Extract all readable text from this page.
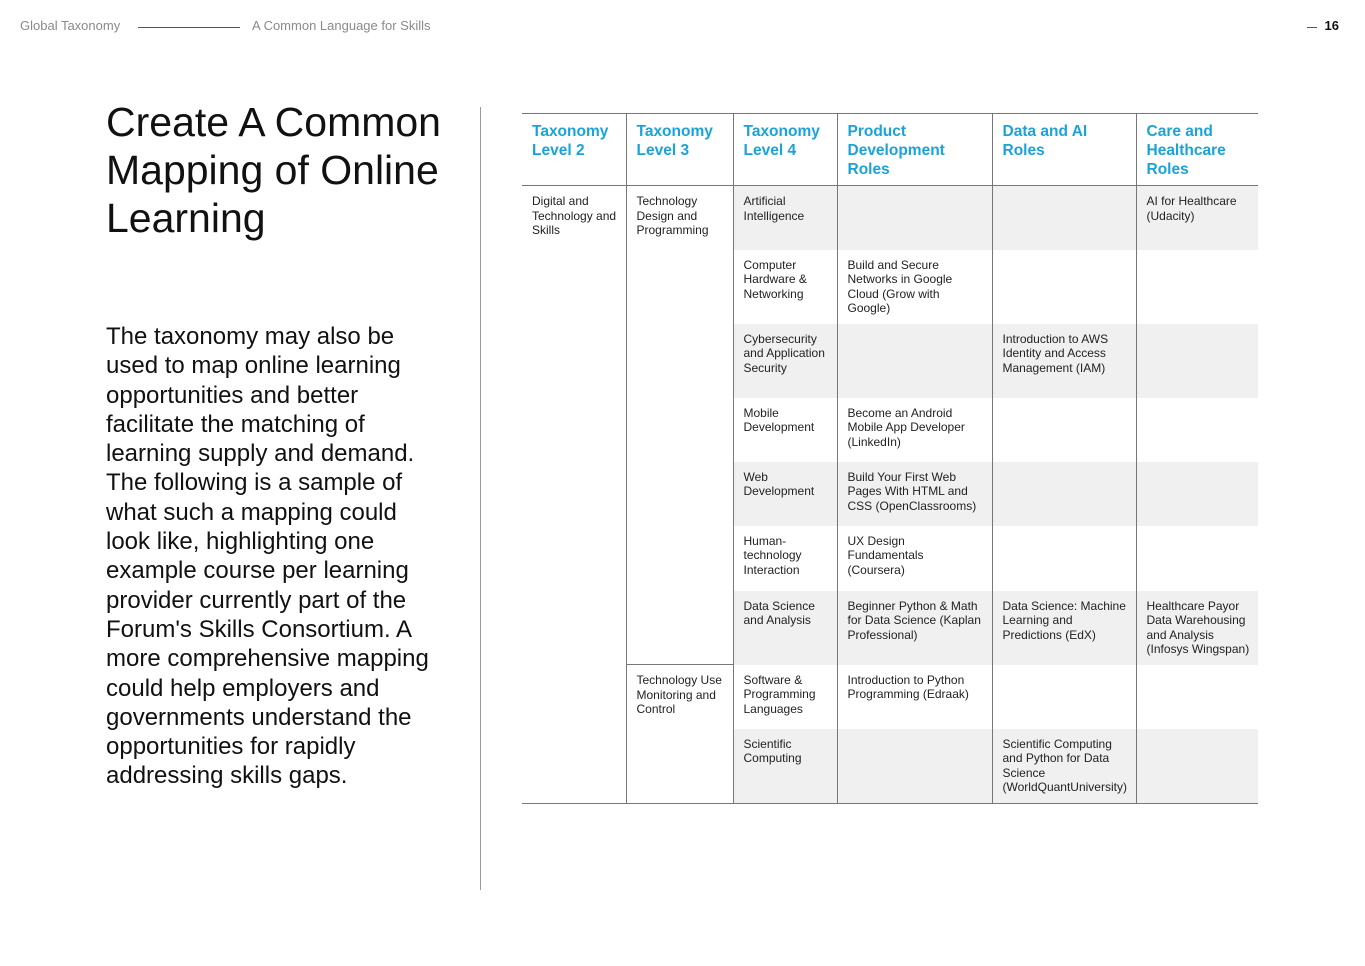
Global Taxonomy	A Common Language for Skills	16
Create A Common Mapping of Online Learning

The taxonomy may also be used to map online learning opportunities and better facilitate the matching of learning supply and demand. The following is a sample of what such a mapping could look like, highlighting one example course per learning provider currently part of the Forum's Skills Consortium. A more comprehensive mapping could help employers and governments understand the opportunities for rapidly addressing skills gaps.

Taxonomy Level 2	Taxonomy Level 3	Taxonomy Level 4	Product Development Roles	Data and AI Roles	Care and Healthcare Roles
Digital and Technology and Skills	Technology Design and Programming	Artificial Intelligence			AI for Healthcare (Udacity)
		Computer Hardware & Networking	Build and Secure Networks in Google Cloud (Grow with Google)		
		Cybersecurity and Application Security		Introduction to AWS Identity and Access Management (IAM)	
		Mobile Development	Become an Android Mobile App Developer (LinkedIn)		
		Web Development	Build Your First Web Pages With HTML and CSS (OpenClassrooms)		
		Human-technology Interaction	UX Design Fundamentals (Coursera)		
		Data Science and Analysis	Beginner Python & Math for Data Science (Kaplan Professional)	Data Science: Machine Learning and Predictions (EdX)	Healthcare Payor Data Warehousing and Analysis (Infosys Wingspan)
	Technology Use Monitoring and Control	Software & Programming Languages	Introduction to Python Programming (Edraak)		
		Scientific Computing		Scientific Computing and Python for Data Science (WorldQuantUniversity)	
